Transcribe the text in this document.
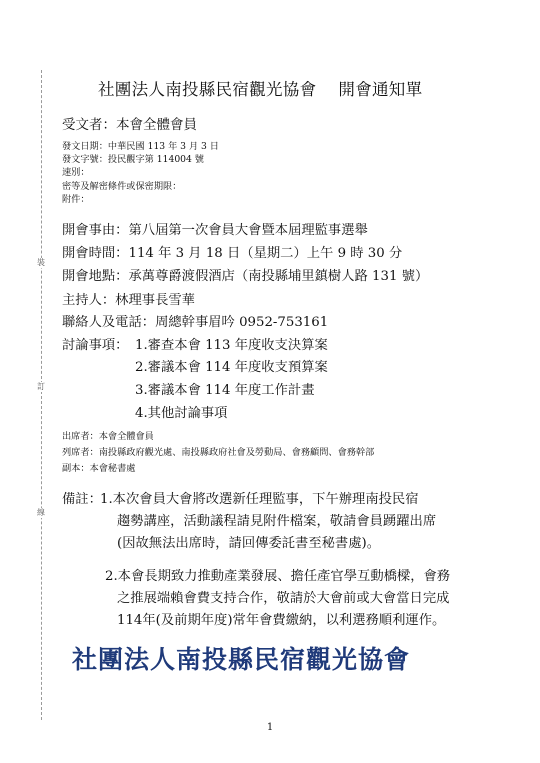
裝
訂
線

社團法人南投縣民宿觀光協會 開會通知單

受文者：本會全體會員

發文日期：中華民國 113 年 3 月 3 日

發文字號：投民觀字第 114004 號

速別：

密等及解密條件或保密期限：

附件：

開會事由：第八屆第一次會員大會暨本屆理監事選舉

開會時間：114 年 3 月 18 日（星期二）上午 9 時 30 分

開會地點：承萬尊爵渡假酒店（南投縣埔里鎮樹人路 131 號）

主持人：林理事長雪華

聯絡人及電話：周總幹事眉吟 0952-753161

討論事項： 1.審查本會 113 年度收支決算案

2.審議本會 114 年度收支預算案

3.審議本會 114 年度工作計畫

4.其他討論事項

出席者：本會全體會員

列席者：南投縣政府觀光處、南投縣政府社會及勞動局、會務顧問、會務幹部

副本：本會秘書處

備註：

1.本次會員大會將改選新任理監事，下午辦理南投民宿

趨勢講座，活動議程請見附件檔案，敬請會員踴躍出席

(因故無法出席時，請回傳委託書至秘書處)。

2.本會長期致力推動產業發展、擔任產官學互動橋樑，會務

之推展端賴會費支持合作，敬請於大會前或大會當日完成

114年(及前期年度)常年會費繳納，以利選務順利運作。

社團法人南投縣民宿觀光協會

1
